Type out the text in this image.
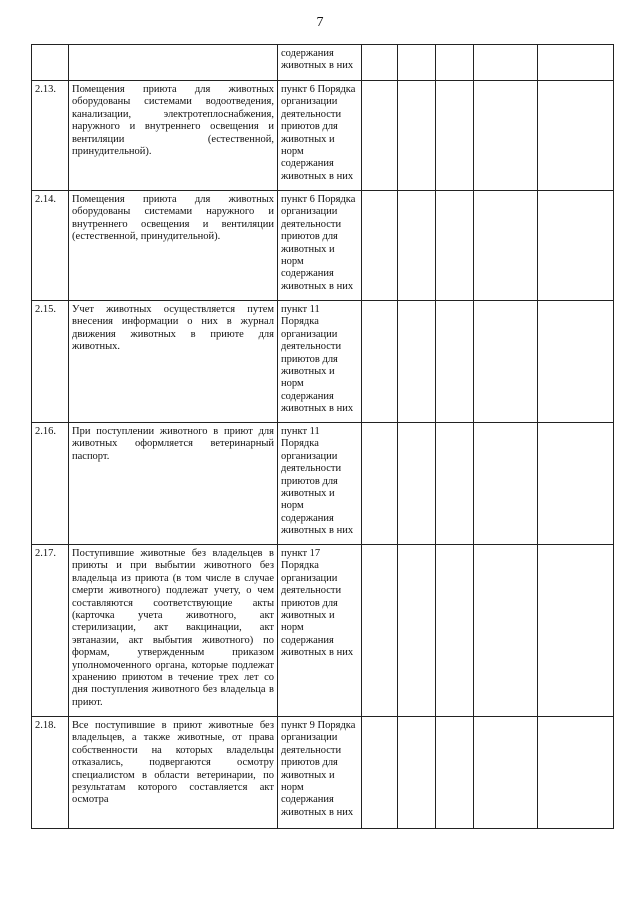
7
		содержания животных в них					
2.13.	Помещения приюта для животных оборудованы системами водоотведения, канализации, электротеплоснабжения, наружного и внутреннего освещения и вентиляции (естественной, принудительной).	пункт 6 Порядка организации деятельности приютов для животных и норм содержания животных в них					
2.14.	Помещения приюта для животных оборудованы системами наружного и внутреннего освещения и вентиляции (естественной, принудительной).	пункт 6 Порядка организации деятельности приютов для животных и норм содержания животных в них					
2.15.	Учет животных осуществляется путем внесения информации о них в журнал движения животных в приюте для животных.	пункт 11 Порядка организации деятельности приютов для животных и норм содержания животных в них					
2.16.	При поступлении животного в приют для животных оформляется ветеринарный паспорт.	пункт 11 Порядка организации деятельности приютов для животных и норм содержания животных в них					
2.17.	Поступившие животные без владельцев в приюты и при выбытии животного без владельца из приюта (в том числе в случае смерти животного) подлежат учету, о чем составляются соответствующие акты (карточка учета животного, акт стерилизации, акт вакцинации, акт эвтаназии, акт выбытия животного) по формам, утвержденным приказом уполномоченного органа, которые подлежат хранению приютом в течение трех лет со дня поступления животного без владельца в приют.	пункт 17 Порядка организации деятельности приютов для животных и норм содержания животных в них					
2.18.	Все поступившие в приют животные без владельцев, а также животные, от права собственности на которых владельцы отказались, подвергаются осмотру специалистом в области ветеринарии, по результатам которого составляется акт осмотра	пункт 9 Порядка организации деятельности приютов для животных и норм содержания животных в них					
